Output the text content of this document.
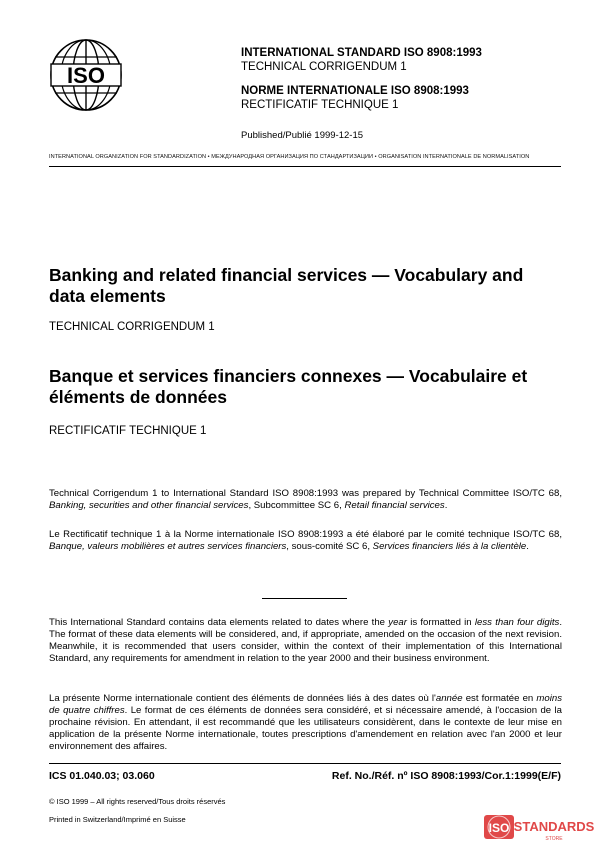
ISO
INTERNATIONAL STANDARD ISO 8908:1993
TECHNICAL CORRIGENDUM 1
NORME INTERNATIONALE ISO 8908:1993
RECTIFICATIF TECHNIQUE 1
Published/Publié 1999-12-15
INTERNATIONAL ORGANIZATION FOR STANDARDIZATION • МЕЖДУНАРОДНАЯ ОРГАНИЗАЦИЯ ПО СТАНДАРТИЗАЦИИ • ORGANISATION INTERNATIONALE DE NORMALISATION
Banking and related financial services — Vocabulary and
data elements
TECHNICAL CORRIGENDUM 1
Banque et services financiers connexes — Vocabulaire et
éléments de données
RECTIFICATIF TECHNIQUE 1
Technical Corrigendum 1 to International Standard ISO 8908:1993 was prepared by Technical Committee ISO/TC 68, Banking, securities and other financial services, Subcommittee SC 6, Retail financial services.
Le Rectificatif technique 1 à la Norme internationale ISO 8908:1993 a été élaboré par le comité technique ISO/TC 68, Banque, valeurs mobilières et autres services financiers, sous-comité SC 6, Services financiers liés à la clientèle.
This International Standard contains data elements related to dates where the year is formatted in less than four digits. The format of these data elements will be considered, and, if appropriate, amended on the occasion of the next revision. Meanwhile, it is recommended that users consider, within the context of their implementation of this International Standard, any requirements for amendment in relation to the year 2000 and their business environment.
La présente Norme internationale contient des éléments de données liés à des dates où l'année est formatée en moins de quatre chiffres. Le format de ces éléments de données sera considéré, et si nécessaire amendé, à l'occasion de la prochaine révision. En attendant, il est recommandé que les utilisateurs considèrent, dans le contexte de leur mise en application de la présente Norme internationale, toutes prescriptions d'amendement en relation avec l'an 2000 et leur environnement des affaires.
ICS 01.040.03; 03.060	Ref. No./Réf. nº ISO 8908:1993/Cor.1:1999(E/F)
© ISO 1999 – All rights reserved/Tous droits réservés
Printed in Switzerland/Imprimé en Suisse
ISO STANDARDS
STORE
